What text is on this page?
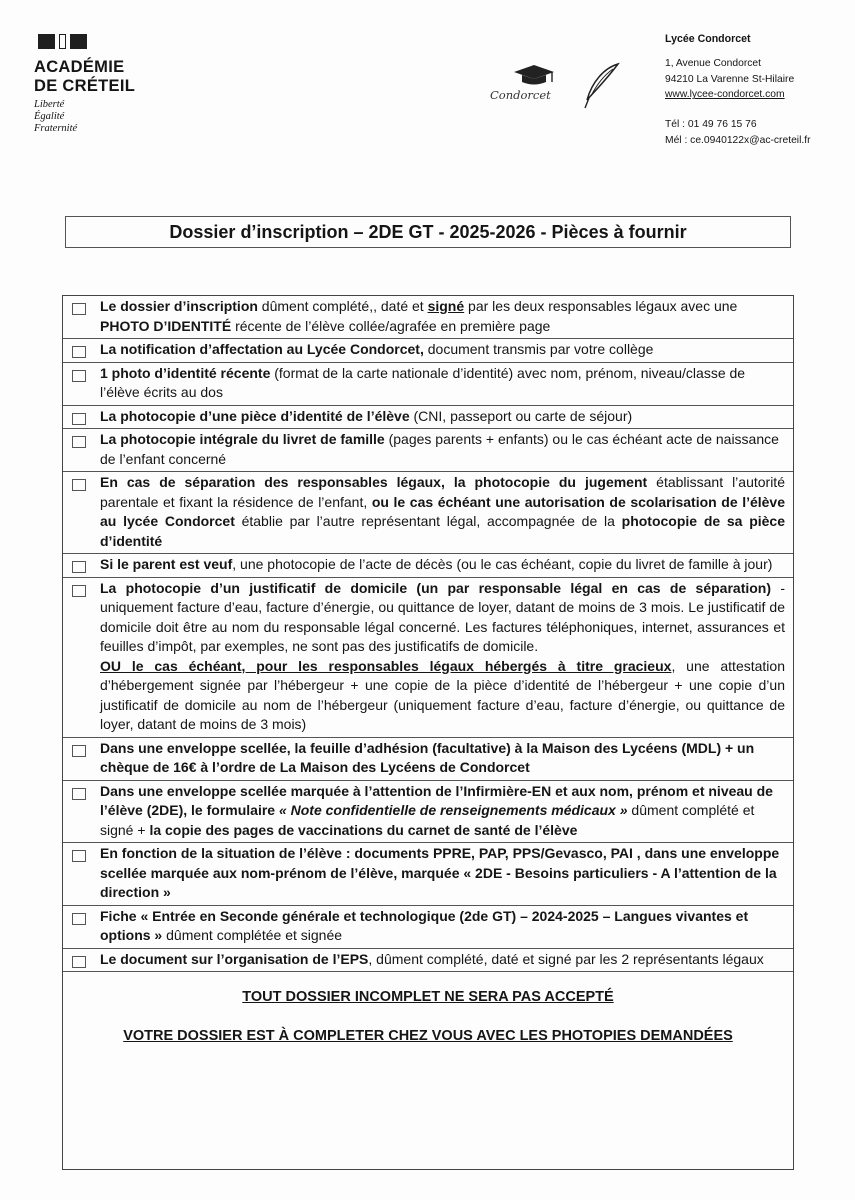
ACADÉMIE
DE CRÉTEIL
Liberté
Égalité
Fraternité
Condorcet
Lycée Condorcet
1, Avenue Condorcet
94210 La Varenne St-Hilaire
www.lycee-condorcet.com
Tél : 01 49 76 15 76
Mél : ce.0940122x@ac-creteil.fr
Dossier d’inscription – 2DE GT - 2025-2026 - Pièces à fournir
Le dossier d’inscription dûment complété,, daté et signé par les deux responsables légaux avec une PHOTO D’IDENTITÉ récente de l’élève collée/agrafée en première page
La notification d’affectation au Lycée Condorcet, document transmis par votre collège
1 photo d’identité récente (format de la carte nationale d’identité) avec nom, prénom, niveau/classe de l’élève écrits au dos
La photocopie d’une pièce d’identité de l’élève (CNI, passeport ou carte de séjour)
La photocopie intégrale du livret de famille (pages parents + enfants) ou le cas échéant acte de naissance de l’enfant concerné
En cas de séparation des responsables légaux, la photocopie du jugement établissant l’autorité parentale et fixant la résidence de l’enfant, ou le cas échéant une autorisation de scolarisation de l’élève au lycée Condorcet établie par l’autre représentant légal, accompagnée de la photocopie de sa pièce d’identité
Si le parent est veuf, une photocopie de l’acte de décès (ou le cas échéant, copie du livret de famille à jour)
La photocopie d’un justificatif de domicile (un par responsable légal en cas de séparation) - uniquement facture d’eau, facture d’énergie, ou quittance de loyer, datant de moins de 3 mois. Le justificatif de domicile doit être au nom du responsable légal concerné. Les factures téléphoniques, internet, assurances et feuilles d’impôt, par exemples, ne sont pas des justificatifs de domicile.
OU le cas échéant, pour les responsables légaux hébergés à titre gracieux, une attestation d’hébergement signée par l’hébergeur + une copie de la pièce d’identité de l’hébergeur + une copie d’un justificatif de domicile au nom de l’hébergeur (uniquement facture d’eau, facture d’énergie, ou quittance de loyer, datant de moins de 3 mois)
Dans une enveloppe scellée, la feuille d’adhésion (facultative) à la Maison des Lycéens (MDL) + un chèque de 16€ à l’ordre de La Maison des Lycéens de Condorcet
Dans une enveloppe scellée marquée à l’attention de l’Infirmière-EN et aux nom, prénom et niveau de l’élève (2DE), le formulaire « Note confidentielle de renseignements médicaux » dûment complété et signé + la copie des pages de vaccinations du carnet de santé de l’élève
En fonction de la situation de l’élève : documents PPRE, PAP, PPS/Gevasco, PAI , dans une enveloppe scellée marquée aux nom-prénom de l’élève, marquée « 2DE - Besoins particuliers - A l’attention de la direction »
Fiche « Entrée en Seconde générale et technologique (2de GT) – 2024-2025 – Langues vivantes et options » dûment complétée et signée
Le document sur l’organisation de l’EPS, dûment complété, daté et signé par les 2 représentants légaux
TOUT DOSSIER INCOMPLET NE SERA PAS ACCEPTÉ
VOTRE DOSSIER EST À COMPLETER CHEZ VOUS AVEC LES PHOTOPIES DEMANDÉES
